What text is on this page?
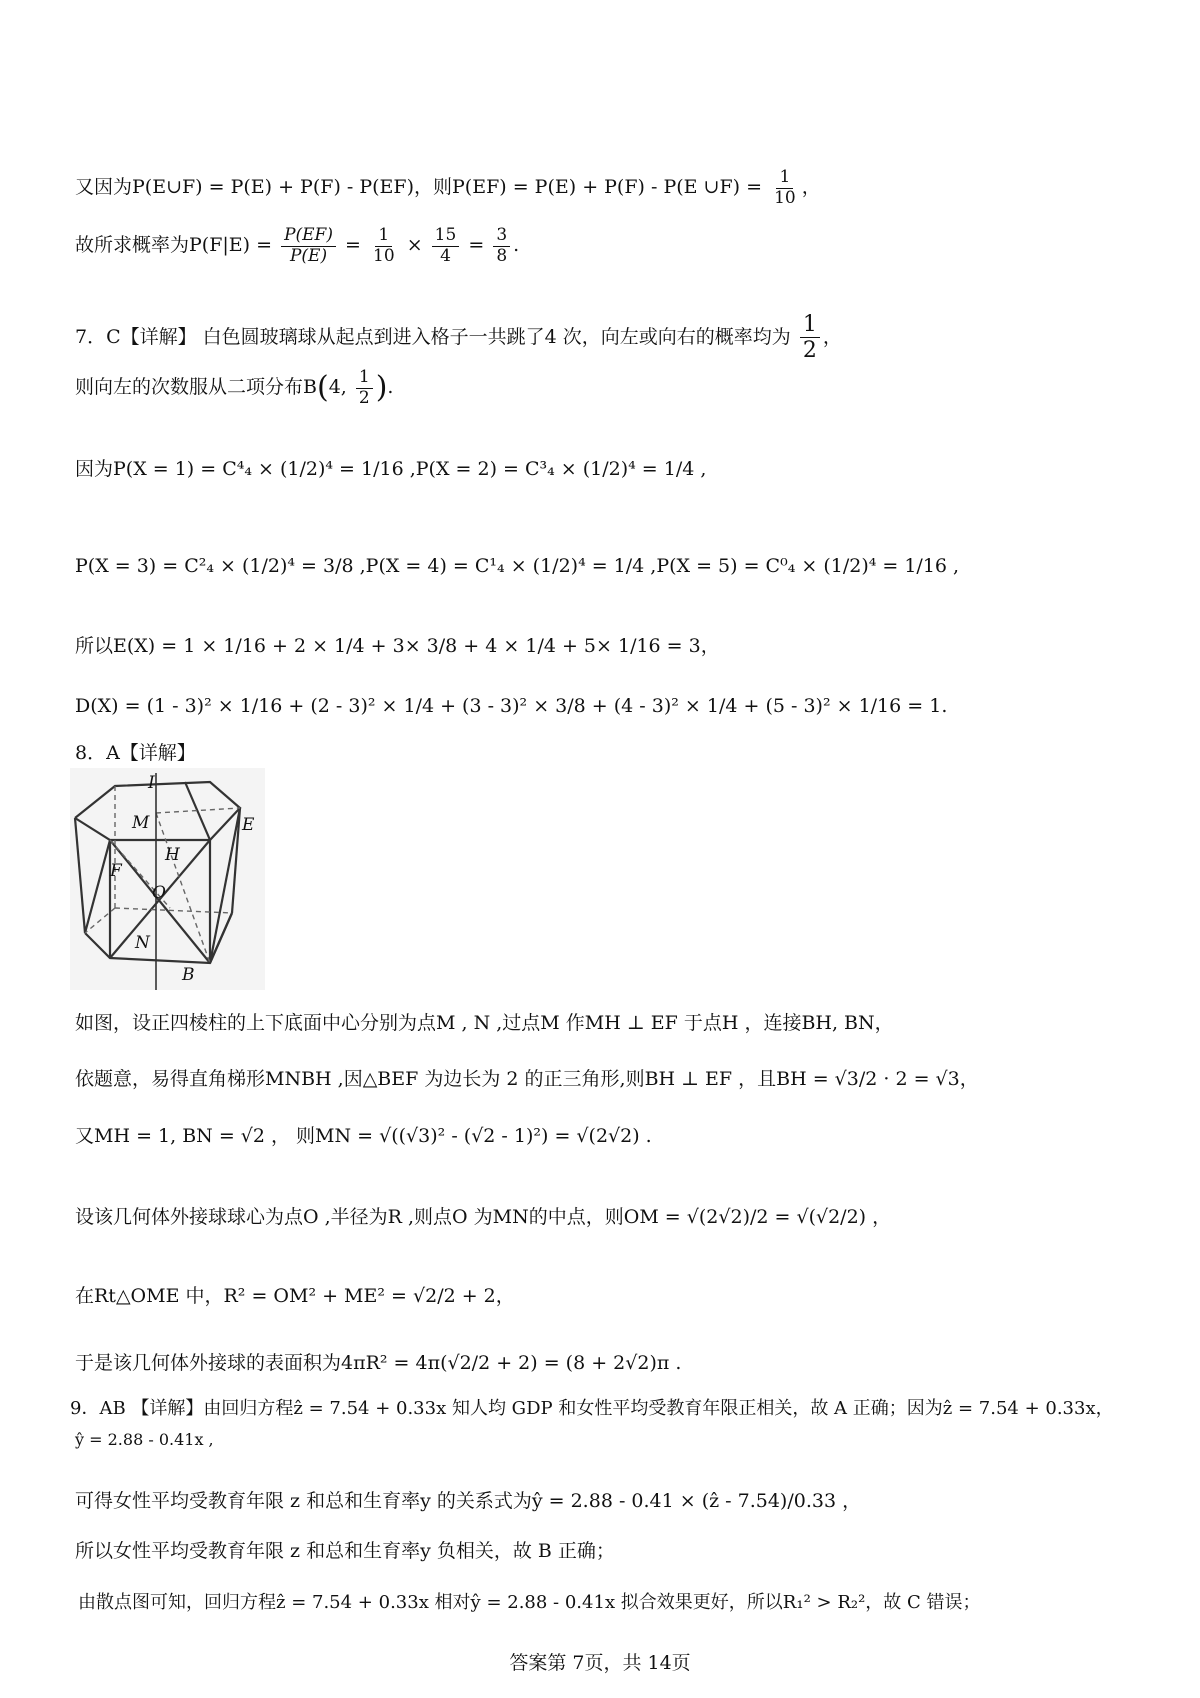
又因为P(E∪F) = P(E) + P(F) - P(EF)，则P(EF) = P(E) + P(F) - P(E ∪F) = $\frac{1}{10}$ ，
故所求概率为$P(F|E) = \frac{P(EF)}{P(E)} = \frac{1}{10} \times \frac{15}{4} = \frac{3}{8}$ .
7．C【详解】 白色圆玻璃球从起点到进入格子一共跳了4 次，向左或向右的概率均为 $\frac{1}{2}$ ，
则向左的次数服从二项分布B(4, $\frac{1}{2}$ ).
因为P(X = 1) = C⁴₄ × (1/2)⁴ = 1/16 ,P(X = 2) = C³₄ × (1/2)⁴ = 1/4 ,
P(X = 3) = C²₄ × (1/2)⁴ = 3/8 ,P(X = 4) = C¹₄ × (1/2)⁴ = 1/4 ,P(X = 5) = C⁰₄ × (1/2)⁴ = 1/16 ,
所以E(X) = 1 × 1/16 + 2 × 1/4 + 3× 3/8 + 4 × 1/4 + 5× 1/16 = 3，
D(X) = (1 - 3)² × 1/16 + (2 - 3)² × 1/4 + (3 - 3)² × 3/8 + (4 - 3)² × 1/4 + (5 - 3)² × 1/16 = 1.
8．A【详解】
I
M	E
H
F
O
N
B
如图，设正四棱柱的上下底面中心分别为点M , N ,过点M 作MH ⊥ EF 于点H ，连接BH, BN，
依题意，易得直角梯形MNBH ,因△BEF 为边长为 2 的正三角形,则BH ⊥ EF ，且BH = √3/2 · 2 = √3，
又MH = 1, BN = √2 ， 则MN = √((√3)² - (√2 - 1)²) = √(2√2) .
设该几何体外接球球心为点O ,半径为R ,则点O 为MN的中点，则OM = √(2√2)/2 = √(√2/2) ，
在Rt△OME 中，R² = OM² + ME² = √2/2 + 2，
于是该几何体外接球的表面积为4πR² = 4π(√2/2 + 2) = (8 + 2√2)π .
9．AB 【详解】由回归方程ẑ = 7.54 + 0.33x 知人均 GDP 和女性平均受教育年限正相关，故 A 正确；因为ẑ = 7.54 + 0.33x，
ŷ = 2.88 - 0.41x ,
可得女性平均受教育年限 z 和总和生育率y 的关系式为ŷ = 2.88 - 0.41 × (ẑ - 7.54)/0.33 ，
所以女性平均受教育年限 z 和总和生育率y 负相关，故 B 正确；
由散点图可知，回归方程ẑ = 7.54 + 0.33x 相对ŷ = 2.88 - 0.41x 拟合效果更好，所以R₁² > R₂²，故 C 错误；
答案第 7页，共 14页
